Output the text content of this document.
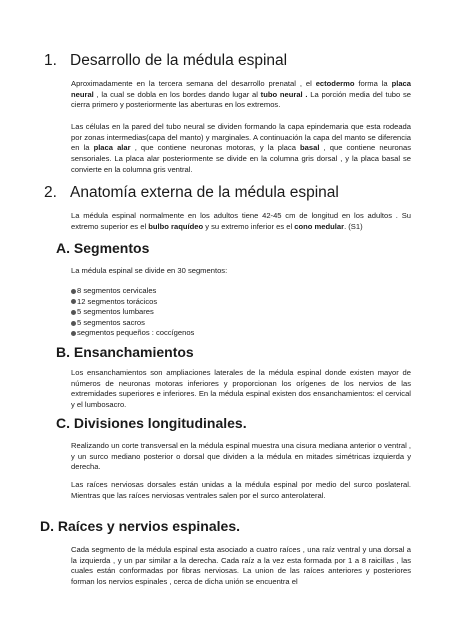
1. Desarrollo de la médula espinal

Aproximadamente en la tercera semana del desarrollo prenatal , el ectodermo forma la placa neural , la cual se dobla en los bordes dando lugar al tubo neural . La porción media del tubo se cierra primero y posteriormente las aberturas en los extremos.

Las células en la pared del tubo neural se dividen formando la capa epindemaria que esta rodeada por zonas intermedias(capa del manto) y marginales. A continuación la capa del manto se diferencia en la placa alar , que contiene neuronas motoras, y la placa basal , que contiene neuronas sensoriales. La placa alar posteriormente se divide en la columna gris dorsal , y la placa basal se convierte en la columna gris ventral.

2. Anatomía externa de la médula espinal

La médula espinal normalmente en los adultos tiene 42-45 cm de longitud en los adultos . Su extremo superior es el bulbo raquídeo y su extremo inferior es el cono medular. (S1)

A. Segmentos

La médula espinal se divide en 30 segmentos:

8 segmentos cervicales
12 segmentos torácicos
5 segmentos lumbares
5 segmentos sacros
segmentos pequeños : coccígenos
B. Ensanchamientos

Los ensanchamientos son ampliaciones laterales de la médula espinal donde existen mayor de números de neuronas motoras inferiores y proporcionan los orígenes de los nervios de las extremidades superiores e inferiores. En la médula espinal existen dos ensanchamientos: el cervical y el lumbosacro.

C. Divisiones longitudinales.

Realizando un corte transversal en la médula espinal muestra una cisura mediana anterior o ventral , y un surco mediano posterior o dorsal que dividen a la médula en mitades simétricas izquierda y derecha.

Las raíces nerviosas dorsales están unidas a la médula espinal por medio del surco poslateral. Mientras que las raíces nerviosas ventrales salen por el surco anterolateral.

D. Raíces y nervios espinales.

Cada segmento de la médula espinal esta asociado a cuatro raíces , una raíz ventral y una dorsal a la izquierda , y un par similar a la derecha. Cada raíz a la vez esta formada por 1 a 8 raicillas , las cuales están conformadas por fibras nerviosas. La union de las raíces anteriores y posteriores forman los nervios espinales , cerca de dicha unión se encuentra el
